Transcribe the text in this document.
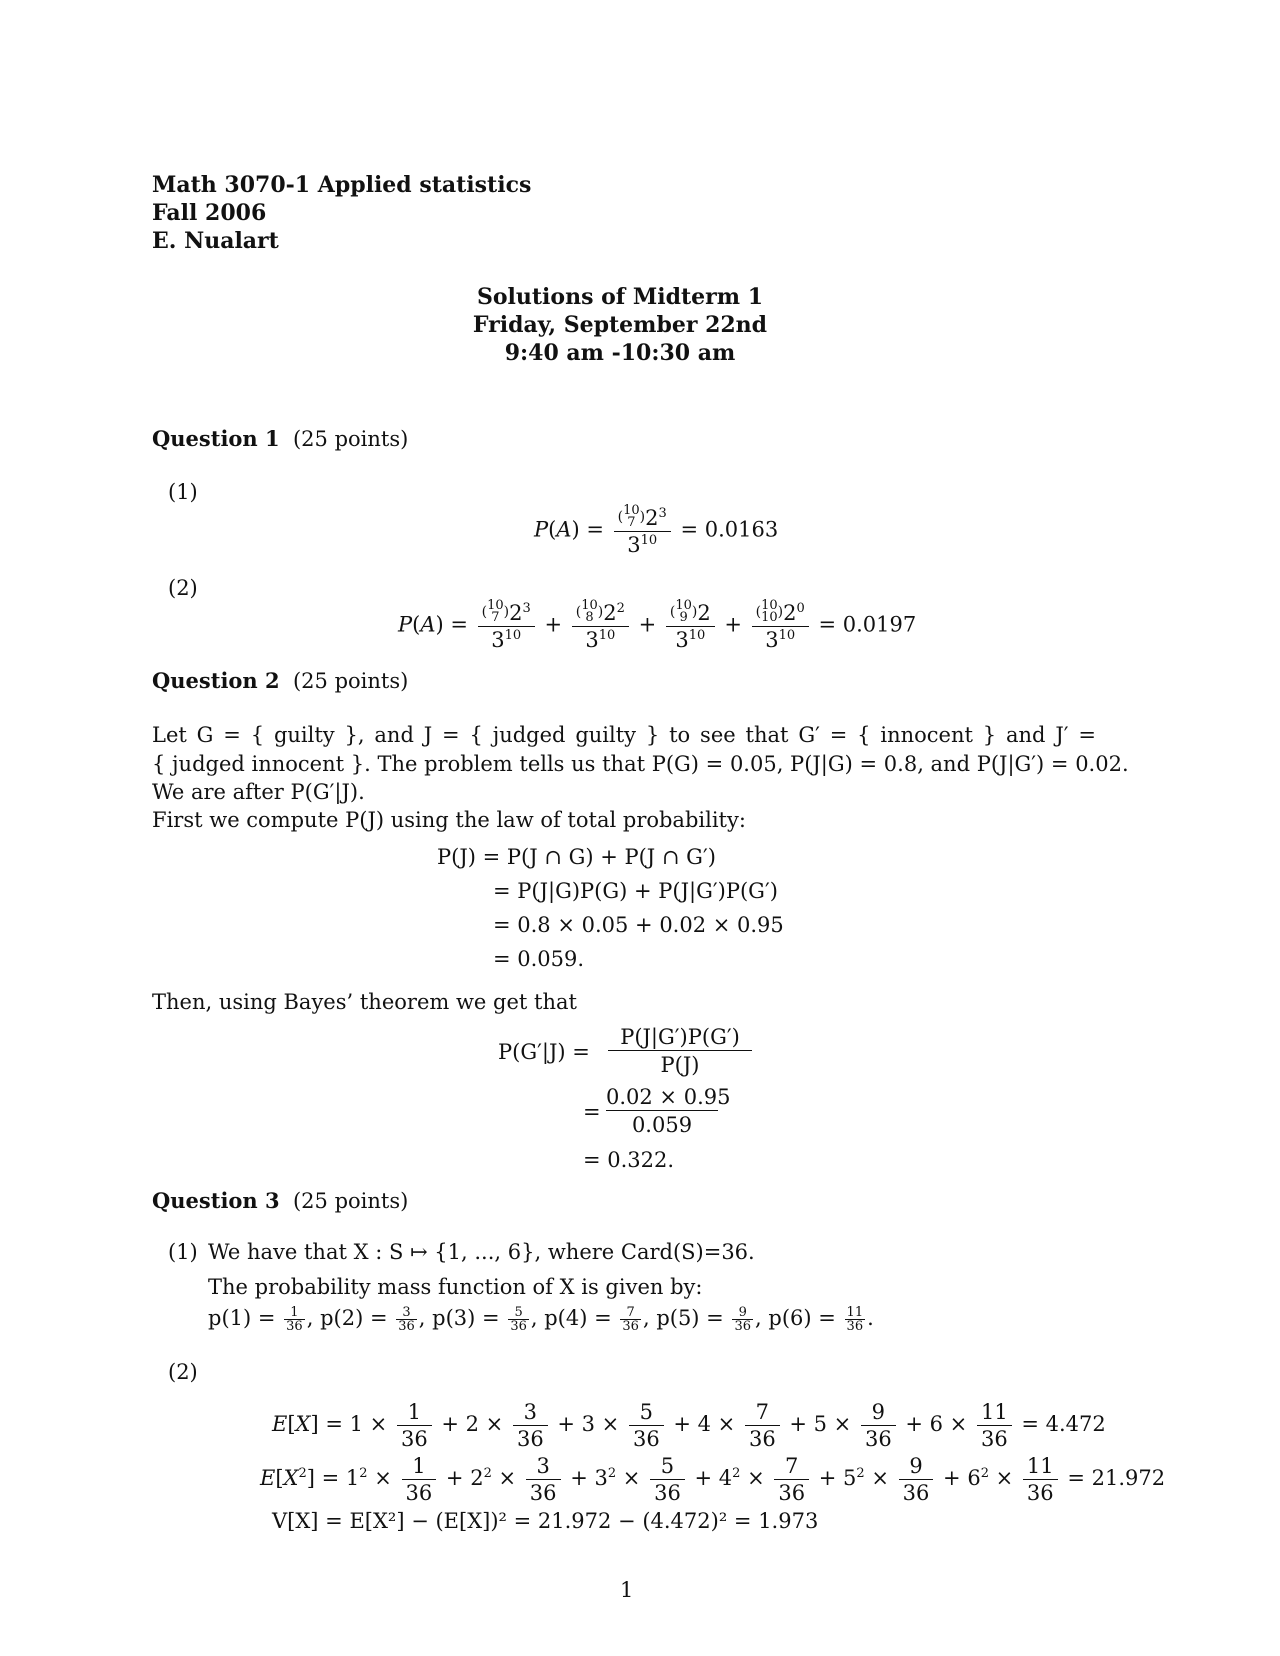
Math 3070-1 Applied statistics
Fall 2006
E. Nualart
Solutions of Midterm 1
Friday, September 22nd
9:40 am -10:30 am
Question 1 (25 points)
(1)
P(A) =
(10
7 )$2^3$
$3^{10}$	= 0.0163
(2)
P(A) =
(10
7 )$2^3$
$3^{10}$ +
(10
8 )$2^2$
$3^{10}$ +
(10
9 )2
$3^{10}$ +
(10
$10)2^0$
$3^{10}$	= 0.0197
Question 2 (25 points)
Let G = { guilty }, and J = { judged guilty } to see that G′ = { innocent } and J′ =
{ judged innocent }. The problem tells us that P(G) = 0.05, P(J|G) = 0.8, and P(J|G′) = 0.02.
We are after P(G′|J).
First we compute P(J) using the law of total probability:
P(J) = P(J ∩ G) + P(J ∩ G′)
= P(J|G)P(G) + P(J|G′)P(G′)
= 0.8 × 0.05 + 0.02 × 0.95
= 0.059.
Then, using Bayes’ theorem we get that
$P(G'|J) = \frac{P(J|G')P(G')}{P(J)}$
= $\frac{0.02 \times 0.95}{0.059}$
= 0.322.
Question 3 (25 points)
(1) We have that X : S ↦ {1, ..., 6}, where Card(S)=36.
The probability mass function of X is given by:
$p(1) = \frac{1}{36}$ , $p(2) = \frac{3}{36}$ , $p(3) = \frac{5}{36}$ , $p(4) = \frac{7}{36}$ , $p(5) = \frac{9}{36}$ , $p(6) = \frac{11}{36}$ .
(2)
$E[X] = 1 \times \frac{1}{36} + 2 \times \frac{3}{36} + 3 \times \frac{5}{36} + 4 \times \frac{7}{36} + 5 \times \frac{9}{36} + 6 \times \frac{11}{36} = 4.472$
$E[X^2] = 1^2 \times \frac{1}{36} + 2^2 \times \frac{3}{36} + 3^2 \times \frac{5}{36} + 4^2 \times \frac{7}{36} + 5^2 \times \frac{9}{36} + 6^2 \times \frac{11}{36} = 21.972$
V[X] = E[X²] − (E[X])² = 21.972 − (4.472)² = 1.973
1
